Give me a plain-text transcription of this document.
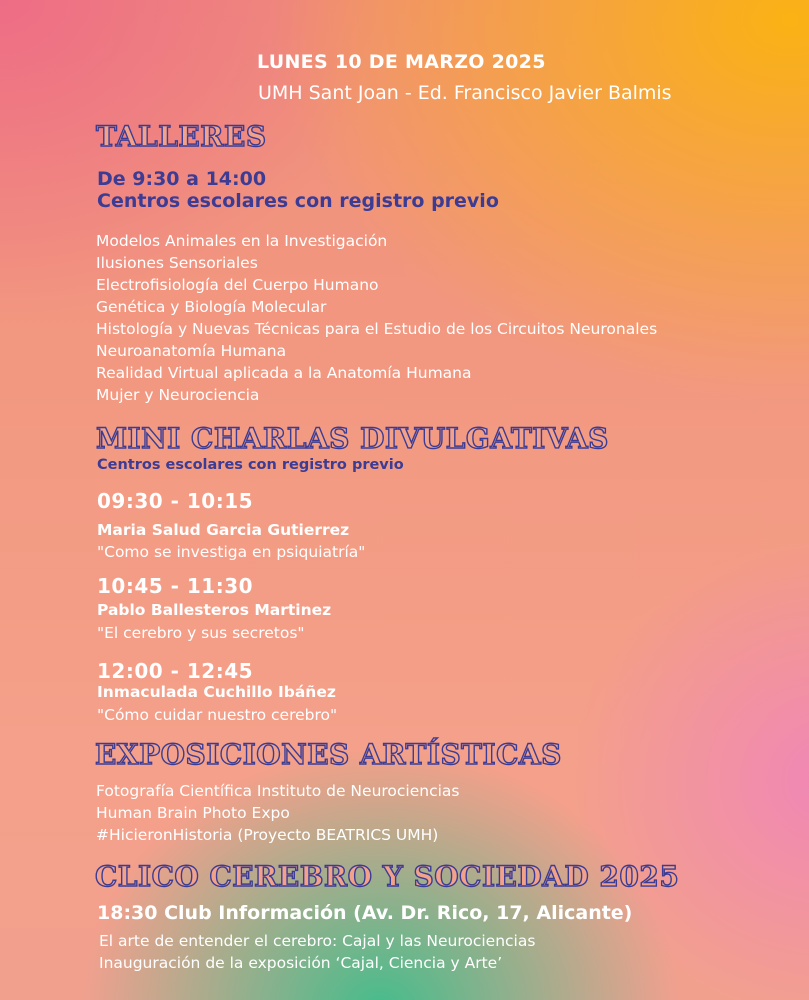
LUNES 10 DE MARZO 2025
UMH Sant Joan - Ed. Francisco Javier Balmis
TALLERES
De 9:30 a 14:00
Centros escolares con registro previo
Modelos Animales en la Investigación
Ilusiones Sensoriales
Electrofisiología del Cuerpo Humano
Genética y Biología Molecular
Histología y Nuevas Técnicas para el Estudio de los Circuitos Neuronales
Neuroanatomía Humana
Realidad Virtual aplicada a la Anatomía Humana
Mujer y Neurociencia
MINI CHARLAS DIVULGATIVAS
Centros escolares con registro previo
09:30 - 10:15
Maria Salud Garcia Gutierrez
"Como se investiga en psiquiatría"
10:45 - 11:30
Pablo Ballesteros Martinez
"El cerebro y sus secretos"
12:00 - 12:45
Inmaculada Cuchillo Ibáñez
"Cómo cuidar nuestro cerebro"
EXPOSICIONES ARTÍSTICAS
Fotografía Científica Instituto de Neurociencias
Human Brain Photo Expo
#HicieronHistoria (Proyecto BEATRICS UMH)
CLICO CEREBRO Y SOCIEDAD 2025
18:30 Club Información (Av. Dr. Rico, 17, Alicante)
El arte de entender el cerebro: Cajal y las Neurociencias
Inauguración de la exposición ‘Cajal, Ciencia y Arte’
